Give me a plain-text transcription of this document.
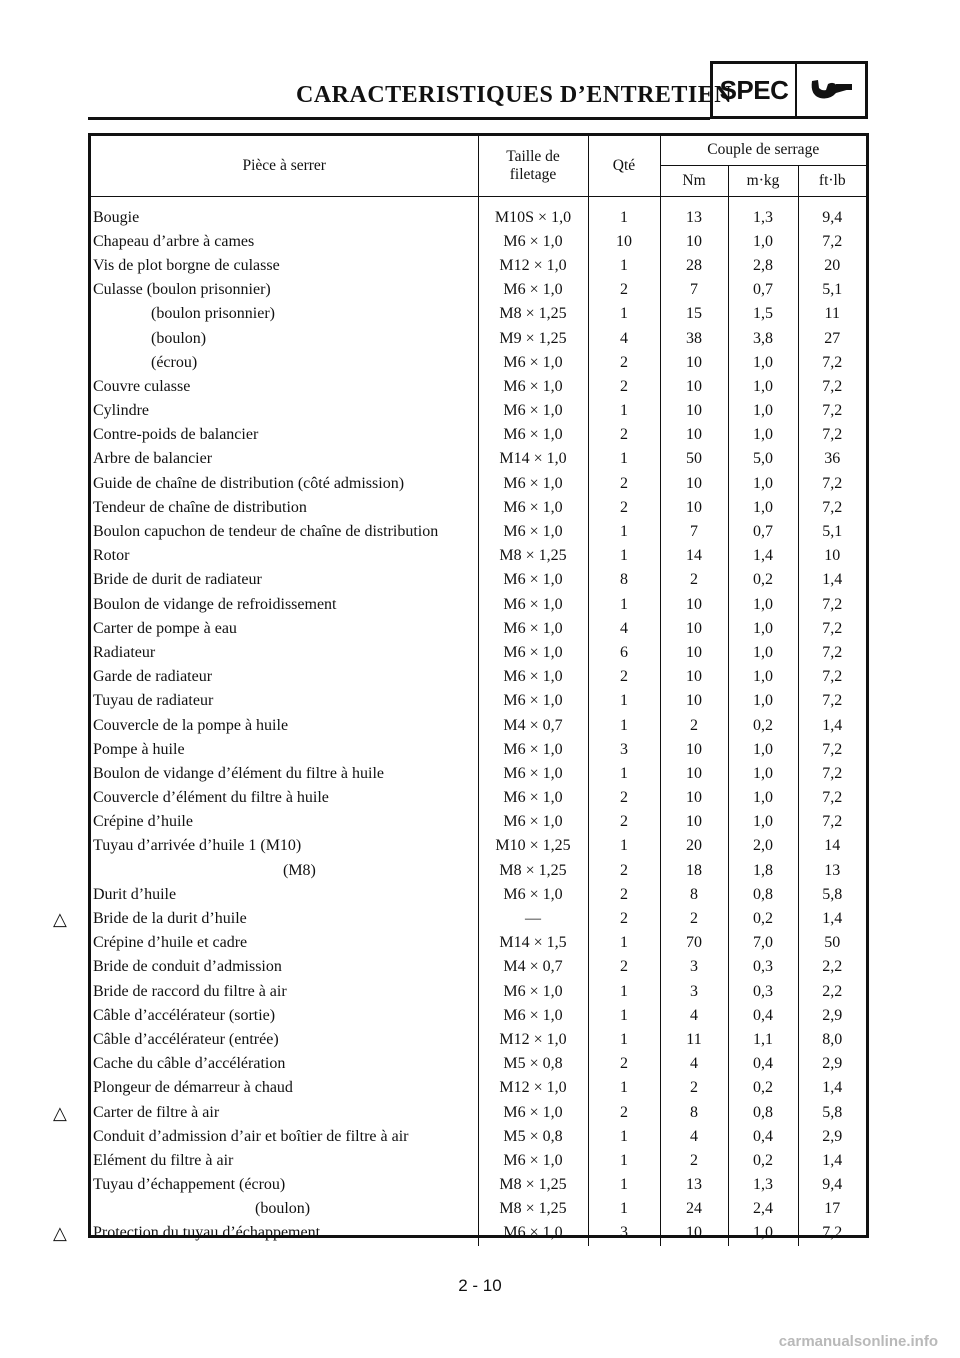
CARACTERISTIQUES D’ENTRETIEN
SPEC
Pièce à serrer	Taille de
filetage	Qté	Couple de serrage		
			Nm	m·kg	ft·lb

Bougie	M10S × 1,0	1	13	1,3	9,4
Chapeau d’arbre à cames	M6 × 1,0	10	10	1,0	7,2
Vis de plot borgne de culasse	M12 × 1,0	1	28	2,8	20
Culasse (boulon prisonnier)	M6 × 1,0	2	7	0,7	5,1
(boulon prisonnier)	M8 × 1,25	1	15	1,5	11
(boulon)	M9 × 1,25	4	38	3,8	27
(écrou)	M6 × 1,0	2	10	1,0	7,2
Couvre culasse	M6 × 1,0	2	10	1,0	7,2
Cylindre	M6 × 1,0	1	10	1,0	7,2
Contre-poids de balancier	M6 × 1,0	2	10	1,0	7,2
Arbre de balancier	M14 × 1,0	1	50	5,0	36
Guide de chaîne de distribution (côté admission)	M6 × 1,0	2	10	1,0	7,2
Tendeur de chaîne de distribution	M6 × 1,0	2	10	1,0	7,2
Boulon capuchon de tendeur de chaîne de distribution	M6 × 1,0	1	7	0,7	5,1
Rotor	M8 × 1,25	1	14	1,4	10
Bride de durit de radiateur	M6 × 1,0	8	2	0,2	1,4
Boulon de vidange de refroidissement	M6 × 1,0	1	10	1,0	7,2
Carter de pompe à eau	M6 × 1,0	4	10	1,0	7,2
Radiateur	M6 × 1,0	6	10	1,0	7,2
Garde de radiateur	M6 × 1,0	2	10	1,0	7,2
Tuyau de radiateur	M6 × 1,0	1	10	1,0	7,2
Couvercle de la pompe à huile	M4 × 0,7	1	2	0,2	1,4
Pompe à huile	M6 × 1,0	3	10	1,0	7,2
Boulon de vidange d’élément du filtre à huile	M6 × 1,0	1	10	1,0	7,2
Couvercle d’élément du filtre à huile	M6 × 1,0	2	10	1,0	7,2
Crépine d’huile	M6 × 1,0	2	10	1,0	7,2
Tuyau d’arrivée d’huile 1 (M10)	M10 × 1,25	1	20	2,0	14
(M8)	M8 × 1,25	2	18	1,8	13
Durit d’huile	M6 × 1,0	2	8	0,8	5,8
Bride de la durit d’huile	—	2	2	0,2	1,4
Crépine d’huile et cadre	M14 × 1,5	1	70	7,0	50
Bride de conduit d’admission	M4 × 0,7	2	3	0,3	2,2
Bride de raccord du filtre à air	M6 × 1,0	1	3	0,3	2,2
Câble d’accélérateur (sortie)	M6 × 1,0	1	4	0,4	2,9
Câble d’accélérateur (entrée)	M12 × 1,0	1	11	1,1	8,0
Cache du câble d’accélération	M5 × 0,8	2	4	0,4	2,9
Plongeur de démarreur à chaud	M12 × 1,0	1	2	0,2	1,4
Carter de filtre à air	M6 × 1,0	2	8	0,8	5,8
Conduit d’admission d’air et boîtier de filtre à air	M5 × 0,8	1	4	0,4	2,9
Elément du filtre à air	M6 × 1,0	1	2	0,2	1,4
Tuyau d’échappement (écrou)	M8 × 1,25	1	13	1,3	9,4
(boulon)	M8 × 1,25	1	24	2,4	17
Protection du tuyau d’échappement	M6 × 1,0	3	10	1,0	7,2
△
△
△
2 - 10
carmanualsonline.info
